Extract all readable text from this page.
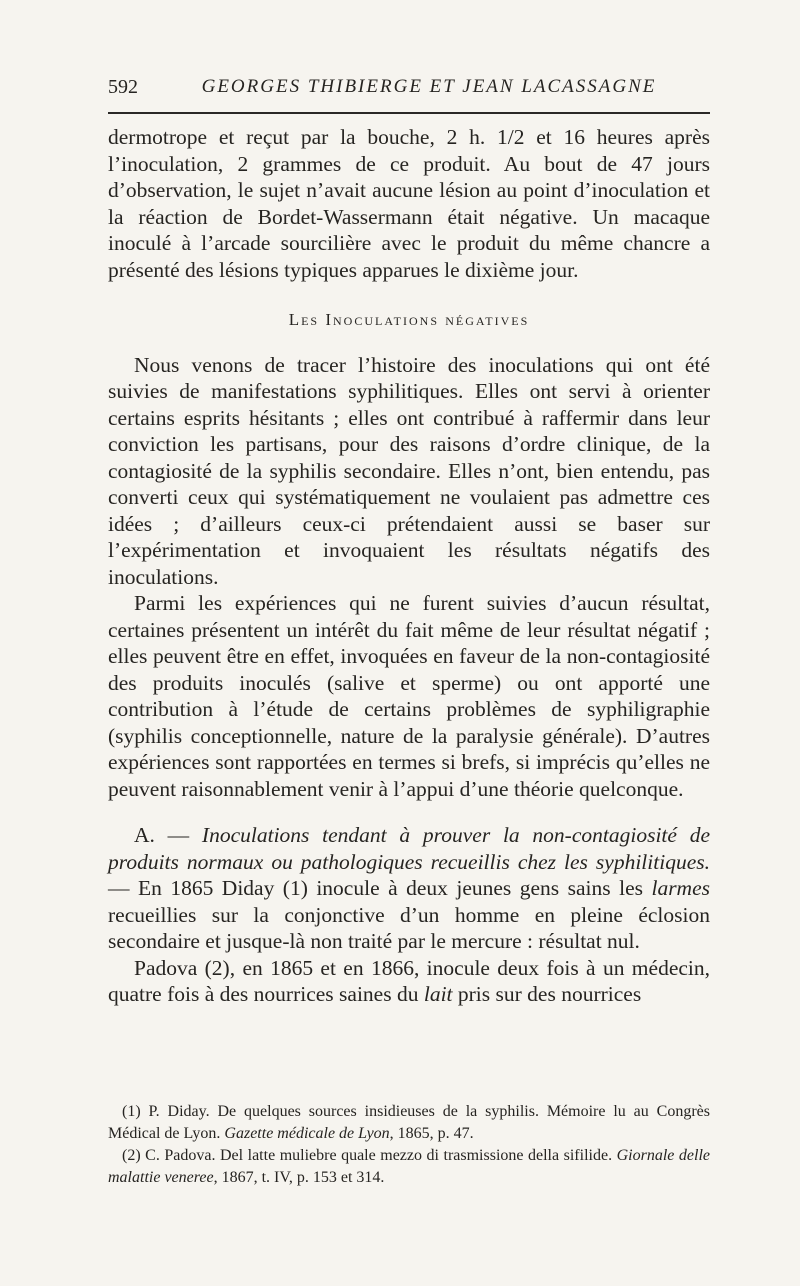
592	GEORGES THIBIERGE ET JEAN LACASSAGNE

dermotrope et reçut par la bouche, 2 h. 1/2 et 16 heures après l’inoculation, 2 grammes de ce produit. Au bout de 47 jours d’observation, le sujet n’avait aucune lésion au point d’inoculation et la réaction de Bordet-Wassermann était négative. Un macaque inoculé à l’arcade sourcilière avec le produit du même chancre a présenté des lésions typiques apparues le dixième jour.

Les Inoculations négatives

Nous venons de tracer l’histoire des inoculations qui ont été suivies de manifestations syphilitiques. Elles ont servi à orienter certains esprits hésitants ; elles ont contribué à raffermir dans leur conviction les partisans, pour des raisons d’ordre clinique, de la contagiosité de la syphilis secondaire. Elles n’ont, bien entendu, pas converti ceux qui systématiquement ne voulaient pas admettre ces idées ; d’ailleurs ceux-ci prétendaient aussi se baser sur l’expérimentation et invoquaient les résultats négatifs des inoculations.

Parmi les expériences qui ne furent suivies d’aucun résultat, certaines présentent un intérêt du fait même de leur résultat négatif ; elles peuvent être en effet, invoquées en faveur de la non-contagiosité des produits inoculés (salive et sperme) ou ont apporté une contribution à l’étude de certains problèmes de syphiligraphie (syphilis conceptionnelle, nature de la paralysie générale). D’autres expériences sont rapportées en termes si brefs, si imprécis qu’elles ne peuvent raisonnablement venir à l’appui d’une théorie quelconque.

A. — Inoculations tendant à prouver la non-contagiosité de produits normaux ou pathologiques recueillis chez les syphilitiques. — En 1865 Diday (1) inocule à deux jeunes gens sains les larmes recueillies sur la conjonctive d’un homme en pleine éclosion secondaire et jusque-là non traité par le mercure : résultat nul.

Padova (2), en 1865 et en 1866, inocule deux fois à un médecin, quatre fois à des nourrices saines du lait pris sur des nourrices

(1) P. Diday. De quelques sources insidieuses de la syphilis. Mémoire lu au Congrès Médical de Lyon. Gazette médicale de Lyon, 1865, p. 47.

(2) C. Padova. Del latte muliebre quale mezzo di trasmissione della sifilide. Giornale delle malattie veneree, 1867, t. IV, p. 153 et 314.
